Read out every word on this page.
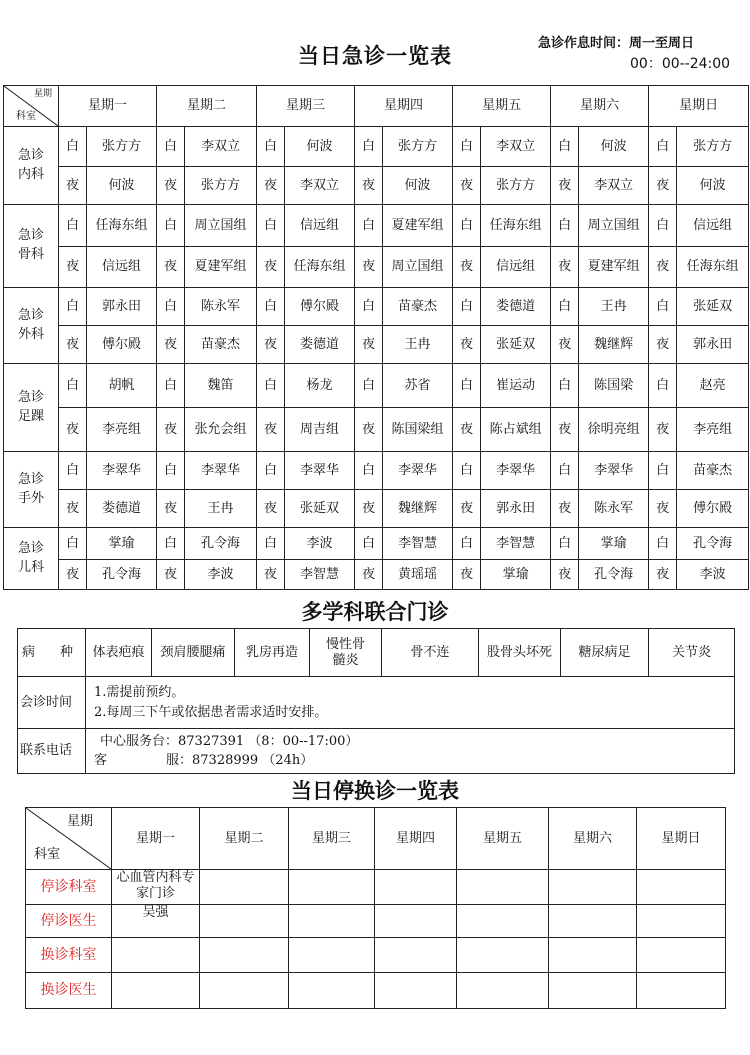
当日急诊一览表
急诊作息时间：周一至周日
00：00--24:00
星期
科室	星期一		星期二		星期三		星期四		星期五		星期六		星期日	

急诊
内科	白	张方方	白	李双立	白	何波	白	张方方	白	李双立	白	何波	白	张方方
	夜	何波	夜	张方方	夜	李双立	夜	何波	夜	张方方	夜	李双立	夜	何波

急诊
骨科	白	任海东组	白	周立国组	白	信远组	白	夏建军组	白	任海东组	白	周立国组	白	信远组
	夜	信远组	夜	夏建军组	夜	任海东组	夜	周立国组	夜	信远组	夜	夏建军组	夜	任海东组

急诊
外科	白	郭永田	白	陈永军	白	傅尔殿	白	苗豪杰	白	娄德道	白	王冉	白	张延双
	夜	傅尔殿	夜	苗豪杰	夜	娄德道	夜	王冉	夜	张延双	夜	魏继辉	夜	郭永田

急诊
足踝	白	胡帆	白	魏笛	白	杨龙	白	苏省	白	崔运动	白	陈国梁	白	赵亮
	夜	李亮组	夜	张允会组	夜	周吉组	夜	陈国梁组	夜	陈占斌组	夜	徐明亮组	夜	李亮组

急诊
手外	白	李翠华	白	李翠华	白	李翠华	白	李翠华	白	李翠华	白	李翠华	白	苗豪杰
	夜	娄德道	夜	王冉	夜	张延双	夜	魏继辉	夜	郭永田	夜	陈永军	夜	傅尔殿

急诊
儿科	白	掌瑜	白	孔令海	白	李波	白	李智慧	白	李智慧	白	掌瑜	白	孔令海
	夜	孔令海	夜	李波	夜	李智慧	夜	黄瑶瑶	夜	掌瑜	夜	孔令海	夜	李波
多学科联合门诊
病 种	体表疤痕	颈肩腰腿痛	乳房再造	慢性骨髓炎	骨不连	股骨头坏死	糖尿病足	关节炎
会诊时间	1.需提前预约。
2.每周三下午或依据患者需求适时安排。							

联系电话	中心服务台：87327391 （8：00--17:00）
客 服：87328999 （24h）							
当日停换诊一览表
星期
科室	星期一	星期二	星期三	星期四	星期五	星期六	星期日
停诊科室	心血管内科专家门诊						
停诊医生	吴强						
换诊科室							
换诊医生							
